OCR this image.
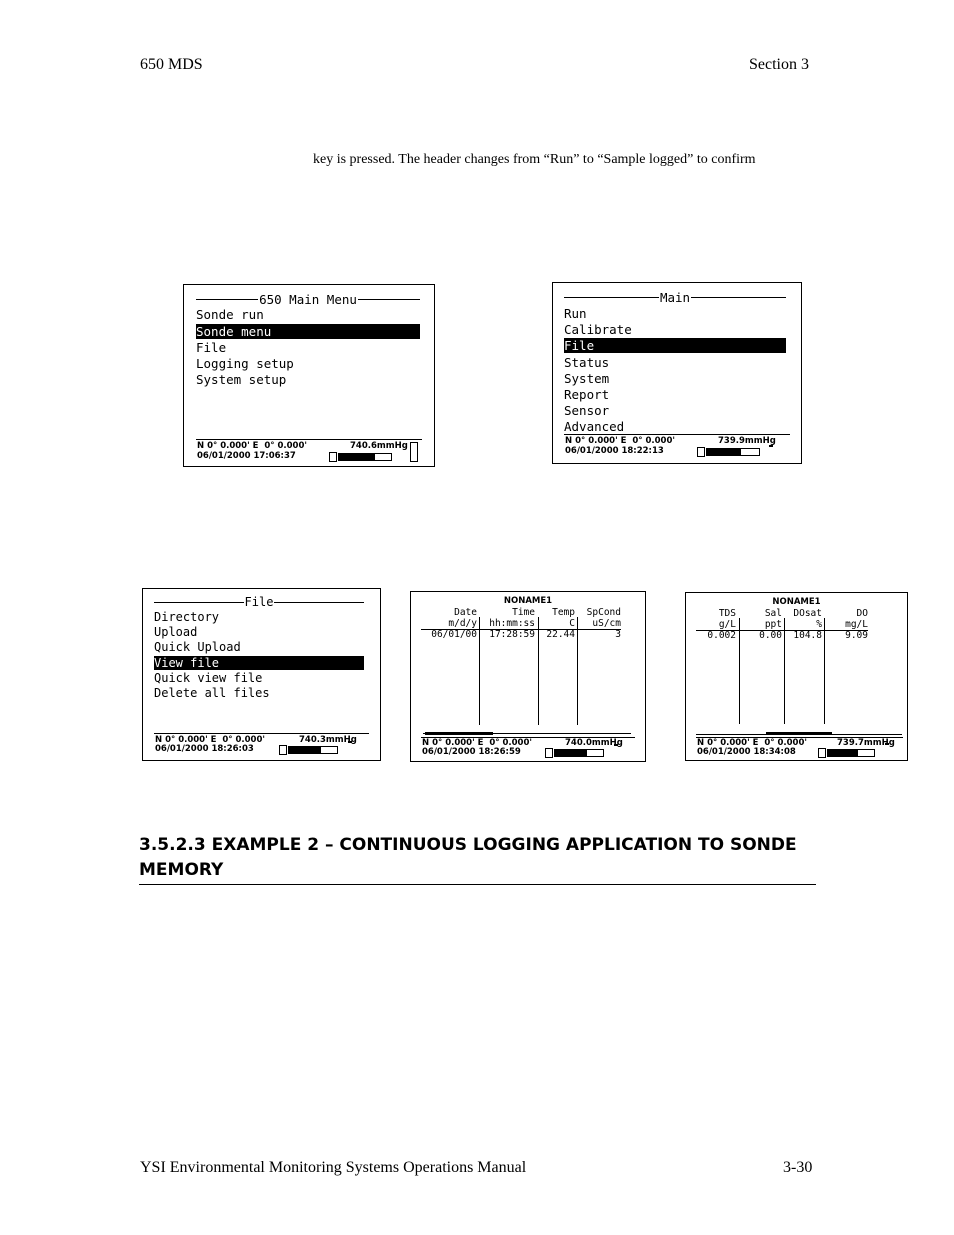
650 MDS	Section 3
key is pressed. The header changes from “Run” to “Sample logged” to confirm
650 Main Menu
Sonde run
Sonde menu
File
Logging setup
System setup
N 0° 0.000' E  0° 0.000'	740.6mmHg
06/01/2000 17:06:37
Main
Run
Calibrate
File
Status
System
Report
Sensor
Advanced
N 0° 0.000' E  0° 0.000'	739.9mmHg
06/01/2000 18:22:13
File
Directory
Upload
Quick Upload
View file
Quick view file
Delete all files
N 0° 0.000' E  0° 0.000'	740.3mmHg
06/01/2000 18:26:03
NONAME1
Date	Time	Temp	SpCond
m/d/y	hh:mm:ss	C	uS/cm
06/01/00	17:28:59	22.44	3
N 0° 0.000' E  0° 0.000'	740.0mmHg
06/01/2000 18:26:59
NONAME1
TDS	Sal	DOsat	DO
g/L	ppt	%	mg/L
0.002	0.00	104.8	9.09
N 0° 0.000' E  0° 0.000'	739.7mmHg
06/01/2000 18:34:08
3.5.2.3 EXAMPLE 2 – CONTINUOUS LOGGING APPLICATION TO SONDE
MEMORY
YSI Environmental Monitoring Systems Operations Manual	3-30
